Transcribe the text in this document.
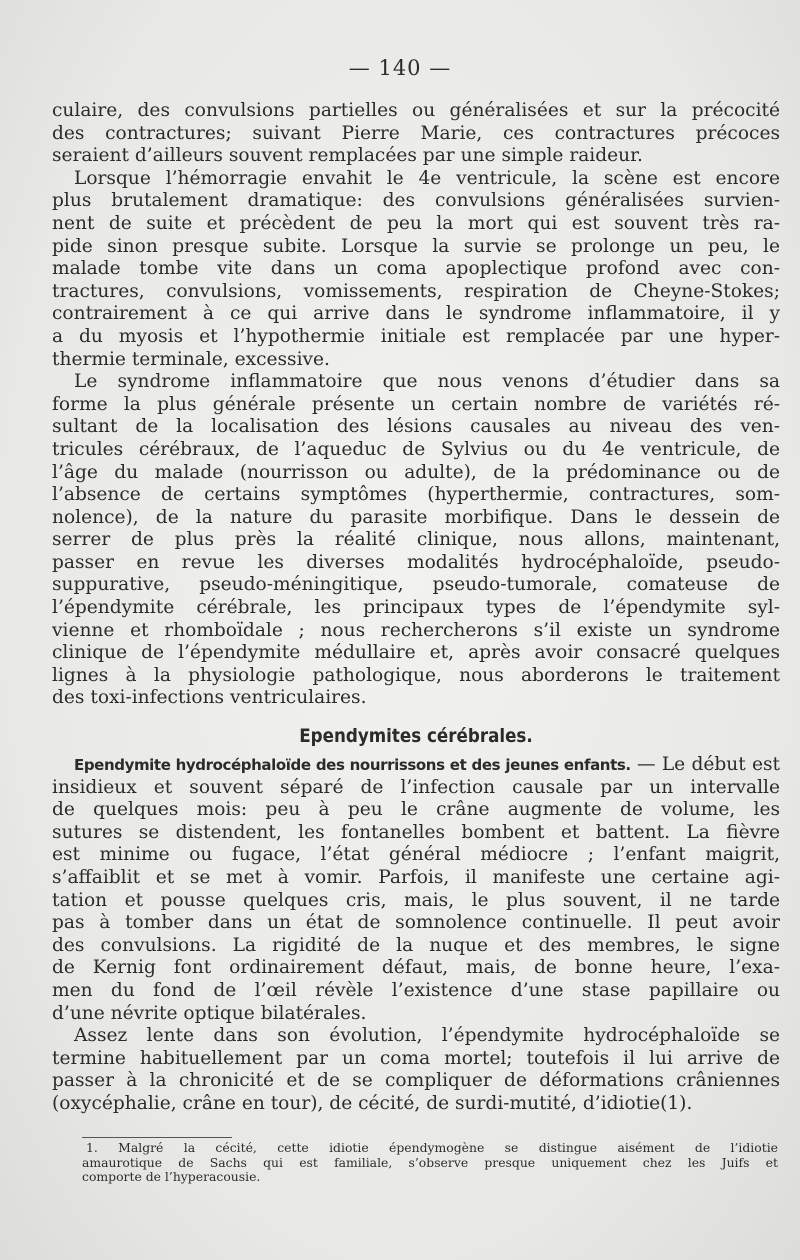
— 140 —
culaire, des convulsions partielles ou généralisées et sur la précocité
des contractures; suivant Pierre Marie, ces contractures précoces
seraient d’ailleurs souvent remplacées par une simple raideur.
Lorsque l’hémorragie envahit le 4e ventricule, la scène est encore
plus brutalement dramatique: des convulsions généralisées survien-
nent de suite et précèdent de peu la mort qui est souvent très ra-
pide sinon presque subite. Lorsque la survie se prolonge un peu, le
malade tombe vite dans un coma apoplectique profond avec con-
tractures, convulsions, vomissements, respiration de Cheyne-Stokes;
contrairement à ce qui arrive dans le syndrome inflammatoire, il y
a du myosis et l’hypothermie initiale est remplacée par une hyper-
thermie terminale, excessive.
Le syndrome inflammatoire que nous venons d’étudier dans sa
forme la plus générale présente un certain nombre de variétés ré-
sultant de la localisation des lésions causales au niveau des ven-
tricules cérébraux, de l’aqueduc de Sylvius ou du 4e ventricule, de
l’âge du malade (nourrisson ou adulte), de la prédominance ou de
l’absence de certains symptômes (hyperthermie, contractures, som-
nolence), de la nature du parasite morbifique. Dans le dessein de
serrer de plus près la réalité clinique, nous allons, maintenant,
passer en revue les diverses modalités hydrocéphaloïde, pseudo-
suppurative, pseudo-méningitique, pseudo-tumorale, comateuse de
l’épendymite cérébrale, les principaux types de l’épendymite syl-
vienne et rhomboïdale ; nous rechercherons s’il existe un syndrome
clinique de l’épendymite médullaire et, après avoir consacré quelques
lignes à la physiologie pathologique, nous aborderons le traitement
des toxi-infections ventriculaires.
Ependymites cérébrales.
Ependymite hydrocéphaloïde des nourrissons et des jeunes enfants. — Le début est
insidieux et souvent séparé de l’infection causale par un intervalle
de quelques mois: peu à peu le crâne augmente de volume, les
sutures se distendent, les fontanelles bombent et battent. La fièvre
est minime ou fugace, l’état général médiocre ; l’enfant maigrit,
s’affaiblit et se met à vomir. Parfois, il manifeste une certaine agi-
tation et pousse quelques cris, mais, le plus souvent, il ne tarde
pas à tomber dans un état de somnolence continuelle. Il peut avoir
des convulsions. La rigidité de la nuque et des membres, le signe
de Kernig font ordinairement défaut, mais, de bonne heure, l’exa-
men du fond de l’œil révèle l’existence d’une stase papillaire ou
d’une névrite optique bilatérales.
Assez lente dans son évolution, l’épendymite hydrocéphaloïde se
termine habituellement par un coma mortel; toutefois il lui arrive de
passer à la chronicité et de se compliquer de déformations crâniennes
(oxycéphalie, crâne en tour), de cécité, de surdi-mutité, d’idiotie(1).
1. Malgré la cécité, cette idiotie épendymogène se distingue aisément de l’idiotie
amaurotique de Sachs qui est familiale, s’observe presque uniquement chez les Juifs et
comporte de l’hyperacousie.
